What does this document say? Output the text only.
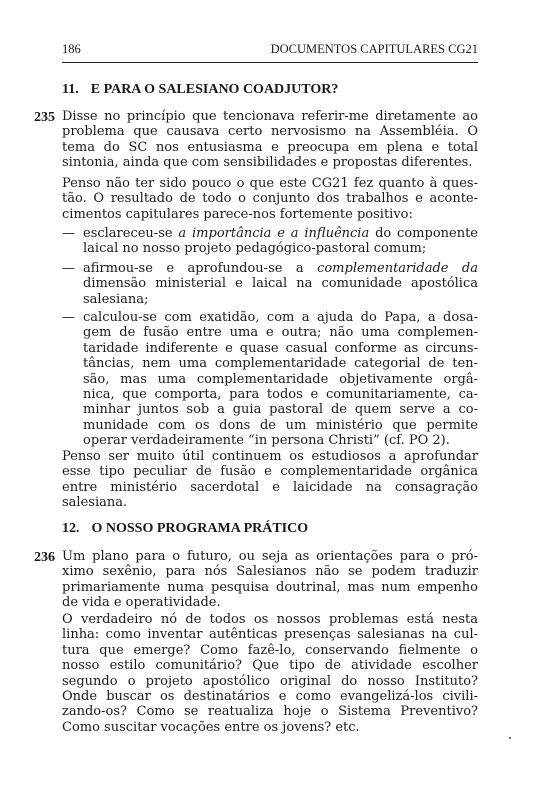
186	DOCUMENTOS CAPITULARES CG21
11. E PARA O SALESIANO COADJUTOR?
235 Disse no princípio que tencionava referir-me diretamente ao
problema que causava certo nervosismo na Assembléia. O
tema do SC nos entusiasma e preocupa em plena e total
sintonia, ainda que com sensibilidades e propostas diferentes.
Penso não ter sido pouco o que este CG21 fez quanto à ques-
tão. O resultado de todo o conjunto dos trabalhos e aconte-
cimentos capitulares parece-nos fortemente positivo:
— esclareceu-se a importância e a influência do componente
laical no nosso projeto pedagógico-pastoral comum;
— afirmou-se e aprofundou-se a complementaridade da
dimensão ministerial e laical na comunidade apostólica
salesiana;
— calculou-se com exatidão, com a ajuda do Papa, a dosa-
gem de fusão entre uma e outra; não uma complemen-
taridade indiferente e quase casual conforme as circuns-
tâncias, nem uma complementaridade categorial de ten-
são, mas uma complementaridade objetivamente orgâ-
nica, que comporta, para todos e comunitariamente, ca-
minhar juntos sob a guia pastoral de quem serve a co-
munidade com os dons de um ministério que permite
operar verdadeiramente “in persona Christi” (cf. PO 2).
Penso ser muito útil continuem os estudiosos a aprofundar
esse tipo peculiar de fusão e complementaridade orgânica
entre ministério sacerdotal e laicidade na consagração
salesiana.
12. O NOSSO PROGRAMA PRÁTICO
236 Um plano para o futuro, ou seja as orientações para o pró-
ximo sexênio, para nós Salesianos não se podem traduzir
primariamente numa pesquisa doutrinal, mas num empenho
de vida e operatividade.
O verdadeiro nó de todos os nossos problemas está nesta
linha: como inventar autênticas presenças salesianas na cul-
tura que emerge? Como fazê-lo, conservando fielmente o
nosso estilo comunitário? Que tipo de atividade escolher
segundo o projeto apostólico original do nosso Instituto?
Onde buscar os destinatários e como evangelizá-los civili-
zando-os? Como se reatualiza hoje o Sistema Preventivo?
Como suscitar vocações entre os jovens? etc.
